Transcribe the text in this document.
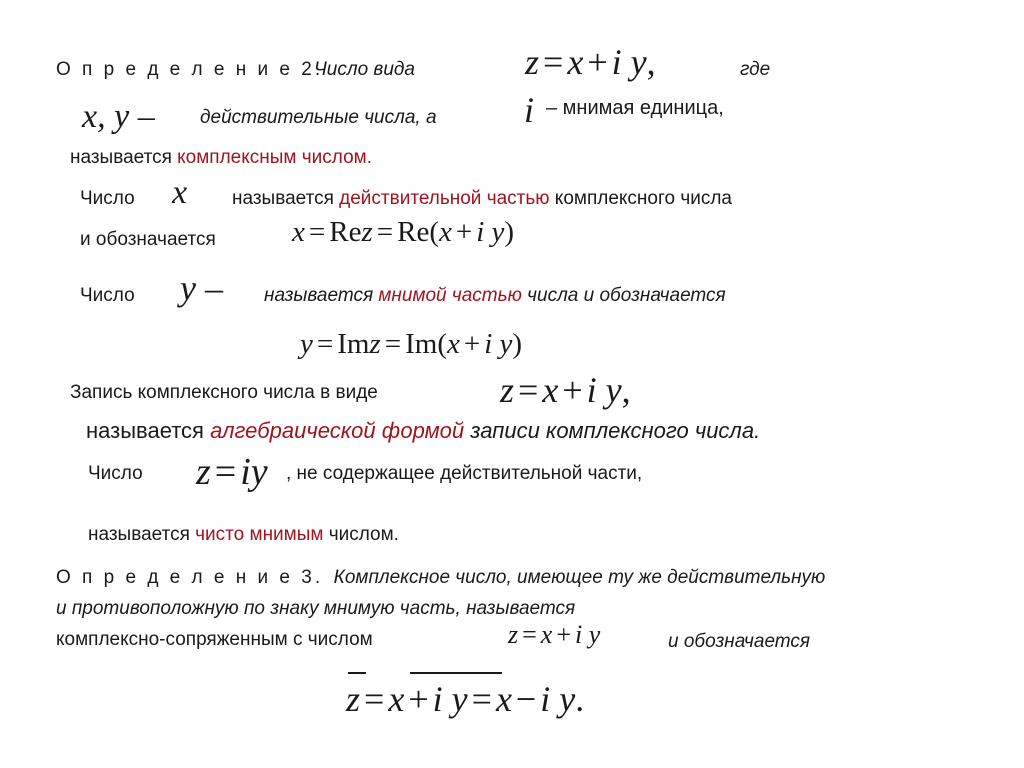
О п р е д е л е н и е 2.
Число вида	z = x + i y,	где
x, y – действительные числа, а i – мнимая единица,
называется комплексным числом.
Число x называется действительной частью комплексного числа
и обозначается	x = Rez = Re(x + i y)
Число y – называется мнимой частью числа и обозначается
y = Imz = Im(x + i y)
Запись комплексного числа в виде	z = x + i y,
называется алгебраической формой записи комплексного числа.
Число z = iy , не содержащее действительной части,
называется чисто мнимым числом.
О п р е д е л е н и е 3. Комплексное число, имеющее ту же действительную
и противоположную по знаку мнимую часть, называется
комплексно-сопряженным с числом	z = x + i y	и обозначается
z = x + i y = x − i y.
